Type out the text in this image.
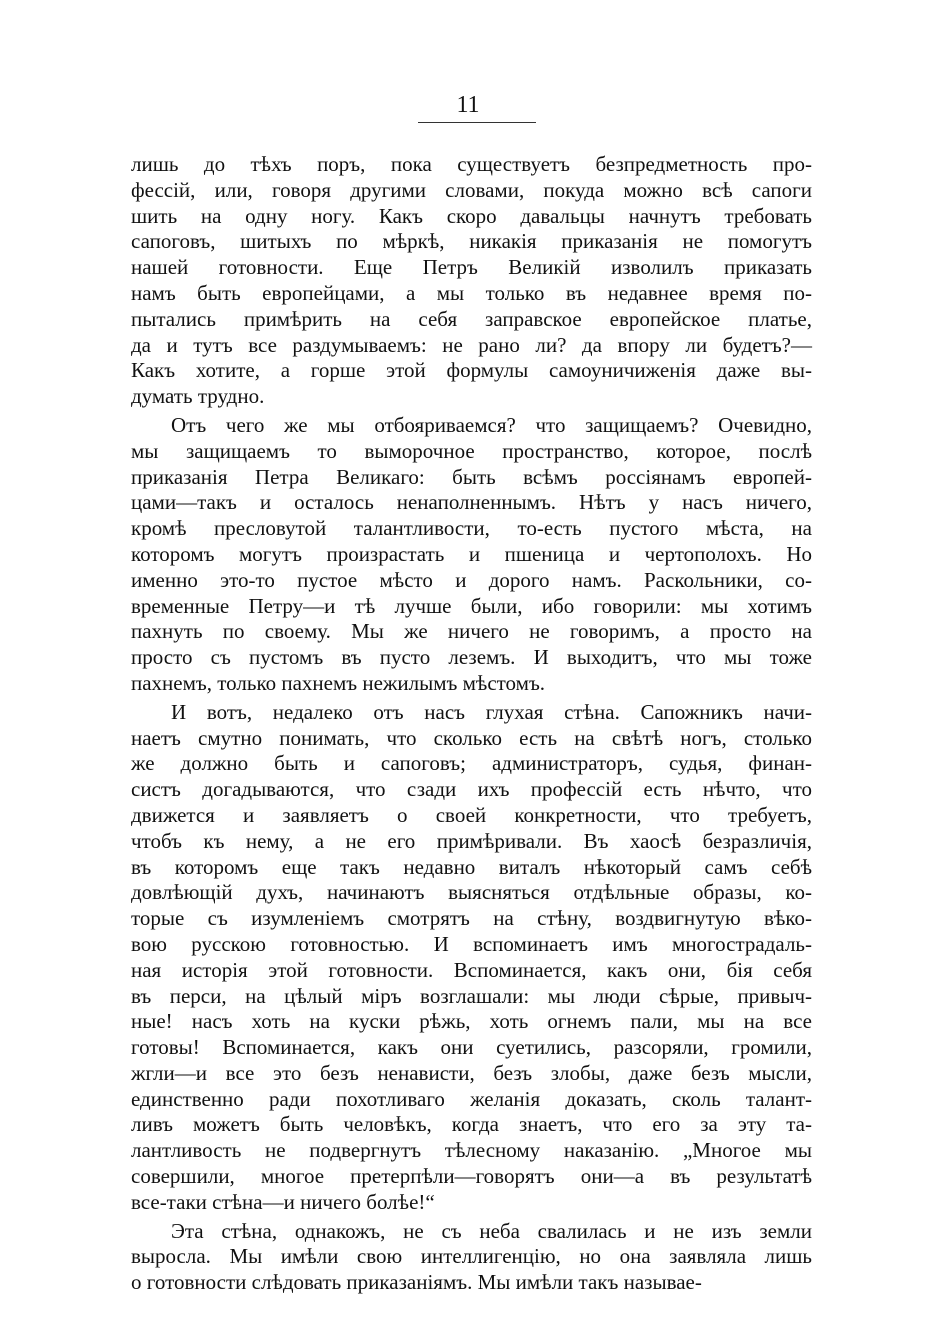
11
лишь до тѣхъ поръ, пока существуетъ безпредметность про-
фессій, или, говоря другими словами, покуда можно всѣ сапоги
шить на одну ногу. Какъ скоро давальцы начнутъ требовать
сапоговъ, шитыхъ по мѣркѣ, никакія приказанія не помогутъ
нашей готовности. Еще Петръ Великій изволилъ приказать
намъ быть европейцами, а мы только въ недавнее время по-
пытались примѣрить на себя заправское европейское платье,
да и тутъ все раздумываемъ: не рано ли? да впору ли будетъ?—
Какъ хотите, а горше этой формулы самоуничиженія даже вы-
думать трудно.
Отъ чего же мы отбояриваемся? что защищаемъ? Очевидно,
мы защищаемъ то выморочное пространство, которое, послѣ
приказанія Петра Великаго: быть всѣмъ россіянамъ европей-
цами—такъ и осталось ненаполненнымъ. Нѣтъ у насъ ничего,
кромѣ пресловутой талантливости, то-есть пустого мѣста, на
которомъ могутъ произрастать и пшеница и чертополохъ. Но
именно это-то пустое мѣсто и дорого намъ. Раскольники, со-
временные Петру—и тѣ лучше были, ибо говорили: мы хотимъ
пахнуть по своему. Мы же ничего не говоримъ, а просто на
просто съ пустомъ въ пусто леземъ. И выходитъ, что мы тоже
пахнемъ, только пахнемъ нежилымъ мѣстомъ.
И вотъ, недалеко отъ насъ глухая стѣна. Сапожникъ начи-
наетъ смутно понимать, что сколько есть на свѣтѣ ногъ, столько
же должно быть и сапоговъ; администраторъ, судья, финан-
систъ догадываются, что сзади ихъ профессій есть нѣчто, что
движется и заявляетъ о своей конкретности, что требуетъ,
чтобъ къ нему, а не его примѣривали. Въ хаосѣ безразличія,
въ которомъ еще такъ недавно виталъ нѣкоторый самъ себѣ
довлѣющій духъ, начинаютъ выясняться отдѣльные образы, ко-
торые съ изумленіемъ смотрятъ на стѣну, воздвигнутую вѣко-
вою русскою готовностью. И вспоминаетъ имъ многострадаль-
ная исторія этой готовности. Вспоминается, какъ они, бія себя
въ перси, на цѣлый міръ возглашали: мы люди сѣрые, привыч-
ные! насъ хоть на куски рѣжь, хоть огнемъ пали, мы на все
готовы! Вспоминается, какъ они суетились, разсоряли, громили,
жгли—и все это безъ ненависти, безъ злобы, даже безъ мысли,
единственно ради похотливаго желанія доказать, сколь талант-
ливъ можетъ быть человѣкъ, когда знаетъ, что его за эту та-
лантливость не подвергнутъ тѣлесному наказанію. „Многое мы
совершили, многое претерпѣли—говорятъ они—а въ результатѣ
все-таки стѣна—и ничего болѣе!“
Эта стѣна, однакожъ, не съ неба свалилась и не изъ земли
выросла. Мы имѣли свою интеллигенцію, но она заявляла лишь
о готовности слѣдовать приказаніямъ. Мы имѣли такъ называе-
